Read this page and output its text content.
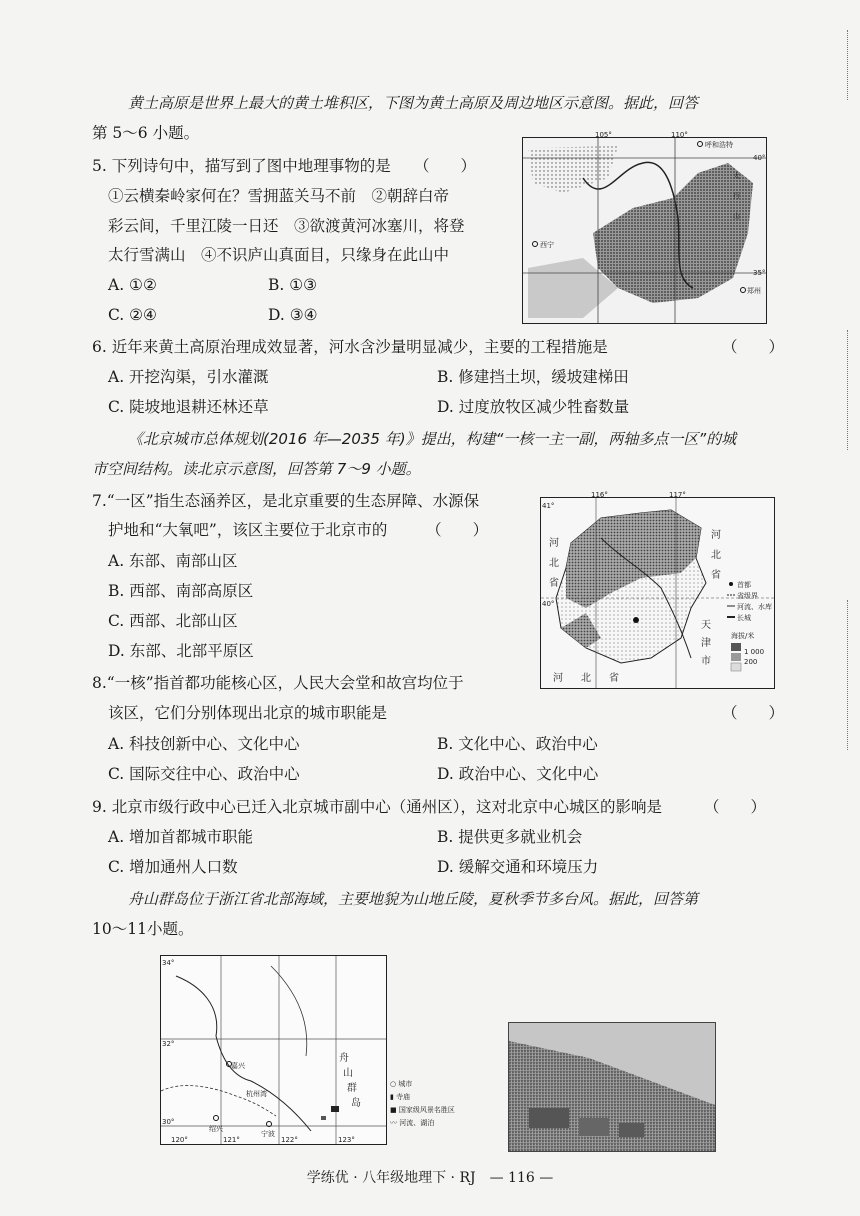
黄土高原是世界上最大的黄土堆积区，下图为黄土高原及周边地区示意图。据此，回答
第 5～6 小题。
5. 下列诗句中，描写到了图中地理事物的是　　（　　）
①云横秦岭家何在？雪拥蓝关马不前　②朝辞白帝
彩云间，千里江陵一日还　③欲渡黄河冰塞川，将登
太行雪满山　④不识庐山真面目，只缘身在此山中
A. ①②	B. ①③
C. ②④	D. ③④
105°	110°
40°
35°
呼和浩特
西宁
郑州
太
行
山
6. 近年来黄土高原治理成效显著，河水含沙量明显减少，主要的工程措施是	（　　）
A. 开挖沟渠，引水灌溉	B. 修建挡土坝，缓坡建梯田
C. 陡坡地退耕还林还草	D. 过度放牧区减少牲畜数量
《北京城市总体规划(2016 年—2035 年)》提出，构建“一核一主一副，两轴多点一区”的城
市空间结构。读北京示意图，回答第 7～9 小题。
7.“一区”指生态涵养区，是北京重要的生态屏障、水源保
护地和“大氧吧”，该区主要位于北京市的　　　（　　）
A. 东部、南部山区
B. 西部、南部高原区
C. 西部、北部山区
D. 东部、北部平原区
116°	117°
41°
40°
河
北
省
河
北
省
天
津
市
河 北 省
首都
省级界
河流、水库
长城
海拔/米
1 000
200
8.“一核”指首都功能核心区，人民大会堂和故宫均位于
该区，它们分别体现出北京的城市职能是	（　　）
A. 科技创新中心、文化中心	B. 文化中心、政治中心
C. 国际交往中心、政治中心	D. 政治中心、文化中心
9. 北京市级行政中心已迁入北京城市副中心（通州区），这对北京中心城区的影响是	（　　）
A. 增加首都城市职能	B. 提供更多就业机会
C. 增加通州人口数	D. 缓解交通和环境压力
舟山群岛位于浙江省北部海域，主要地貌为山地丘陵，夏秋季节多台风。据此，回答第
10～11小题。
嘉兴
绍兴
宁波
杭州湾
舟
山
群
岛
34°
32°
30°
120°	121°	122°	123°
○ 城市
▮ 寺庙
■ 国家级风景名胜区
〰 河流、湖泊
学练优 · 八年级地理下 · RJ　— 116 —
